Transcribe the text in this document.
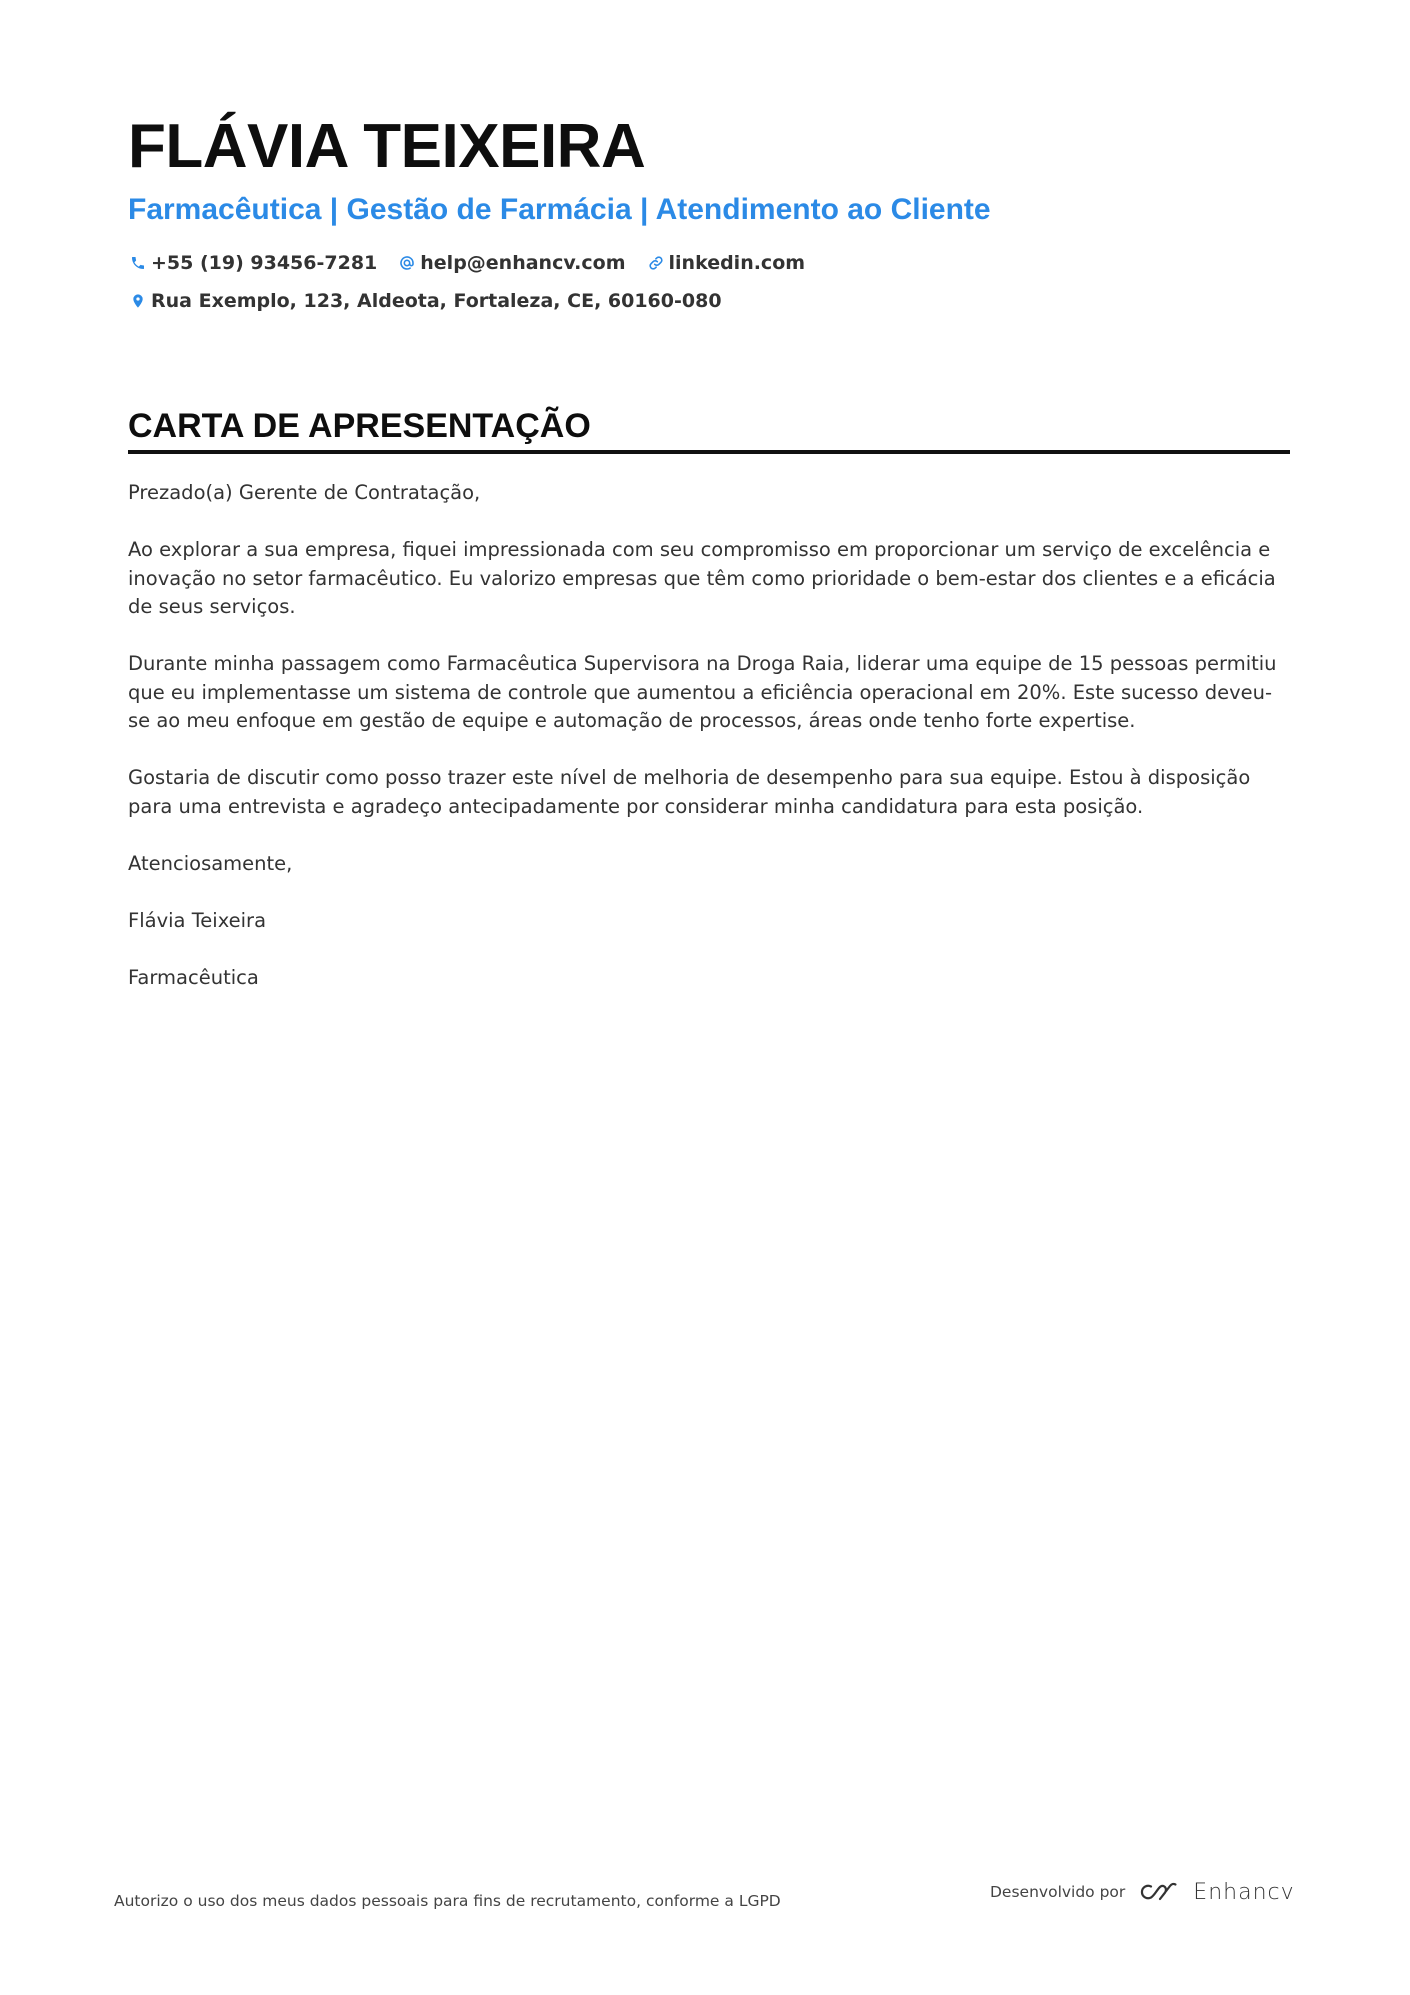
FLÁVIA TEIXEIRA
Farmacêutica | Gestão de Farmácia | Atendimento ao Cliente
+55 (19) 93456-7281 help@enhancv.com linkedin.com
Rua Exemplo, 123, Aldeota, Fortaleza, CE, 60160-080
CARTA DE APRESENTAÇÃO

Prezado(a) Gerente de Contratação,

Ao explorar a sua empresa, fiquei impressionada com seu compromisso em proporcionar um serviço de excelência e inovação no setor farmacêutico. Eu valorizo empresas que têm como prioridade o bem-estar dos clientes e a eficácia de seus serviços.

Durante minha passagem como Farmacêutica Supervisora na Droga Raia, liderar uma equipe de 15 pessoas permitiu que eu implementasse um sistema de controle que aumentou a eficiência operacional em 20%. Este sucesso deveu-se ao meu enfoque em gestão de equipe e automação de processos, áreas onde tenho forte expertise.

Gostaria de discutir como posso trazer este nível de melhoria de desempenho para sua equipe. Estou à disposição para uma entrevista e agradeço antecipadamente por considerar minha candidatura para esta posição.

Atenciosamente,

Flávia Teixeira

Farmacêutica

Autorizo o uso dos meus dados pessoais para fins de recrutamento, conforme a LGPD	Desenvolvido por	Enhancv
